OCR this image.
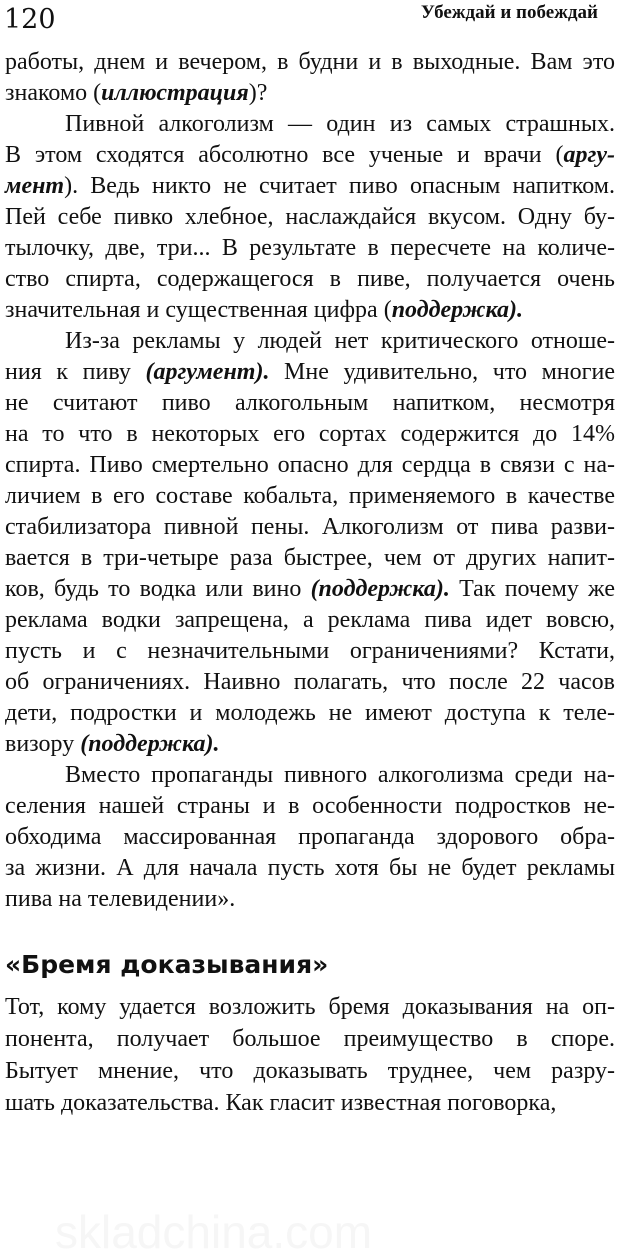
120	Убеждай и побеждай
работы, днем и вечером, в будни и в выходные. Вам это
знакомо (иллюстрация)?
Пивной алкоголизм — один из самых страшных.
В этом сходятся абсолютно все ученые и врачи (аргу-
мент). Ведь никто не считает пиво опасным напитком.
Пей себе пивко хлебное, наслаждайся вкусом. Одну бу-
тылочку, две, три... В результате в пересчете на количе-
ство спирта, содержащегося в пиве, получается очень
значительная и существенная цифра (поддержка).
Из-за рекламы у людей нет критического отноше-
ния к пиву (аргумент). Мне удивительно, что многие
не считают пиво алкогольным напитком, несмотря
на то что в некоторых его сортах содержится до 14%
спирта. Пиво смертельно опасно для сердца в связи с на-
личием в его составе кобальта, применяемого в качестве
стабилизатора пивной пены. Алкоголизм от пива разви-
вается в три-четыре раза быстрее, чем от других напит-
ков, будь то водка или вино (поддержка). Так почему же
реклама водки запрещена, а реклама пива идет вовсю,
пусть и с незначительными ограничениями? Кстати,
об ограничениях. Наивно полагать, что после 22 часов
дети, подростки и молодежь не имеют доступа к теле-
визору (поддержка).
Вместо пропаганды пивного алкоголизма среди на-
селения нашей страны и в особенности подростков не-
обходима массированная пропаганда здорового обра-
за жизни. А для начала пусть хотя бы не будет рекламы
пива на телевидении».
«Бремя доказывания»
Тот, кому удается возложить бремя доказывания на оп-
понента, получает большое преимущество в споре.
Бытует мнение, что доказывать труднее, чем разру-
шать доказательства. Как гласит известная поговорка,
skladchina.com
